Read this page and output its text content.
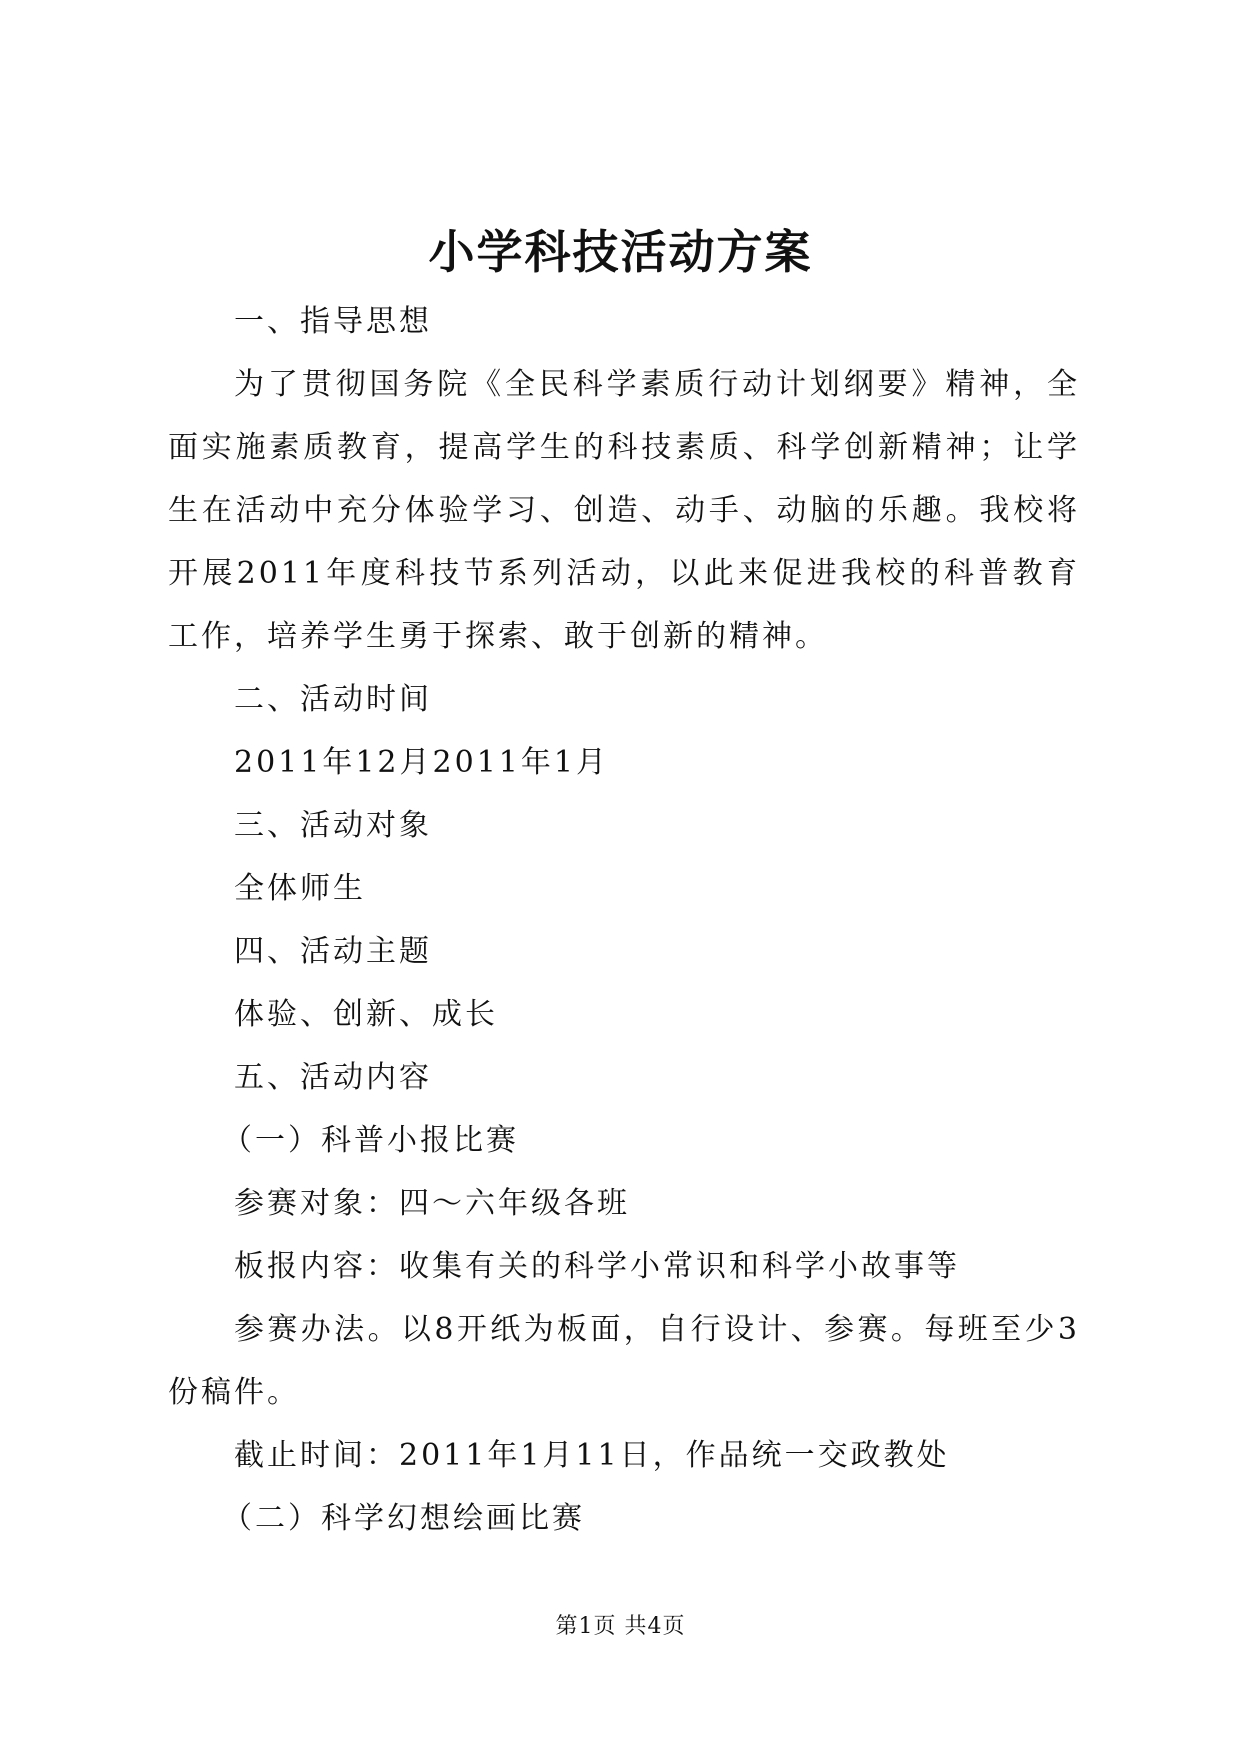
小学科技活动方案

一、指导思想

为了贯彻国务院《全民科学素质行动计划纲要》精神，全面实施素质教育，提高学生的科技素质、科学创新精神；让学生在活动中充分体验学习、创造、动手、动脑的乐趣。我校将开展2011年度科技节系列活动，以此来促进我校的科普教育工作，培养学生勇于探索、敢于创新的精神。

二、活动时间

2011年12月2011年1月

三、活动对象

全体师生

四、活动主题

体验、创新、成长

五、活动内容

（一）科普小报比赛

参赛对象：四～六年级各班

板报内容：收集有关的科学小常识和科学小故事等

参赛办法。以8开纸为板面，自行设计、参赛。每班至少3份稿件。

截止时间：2011年1月11日，作品统一交政教处

（二）科学幻想绘画比赛

第1页 共4页
